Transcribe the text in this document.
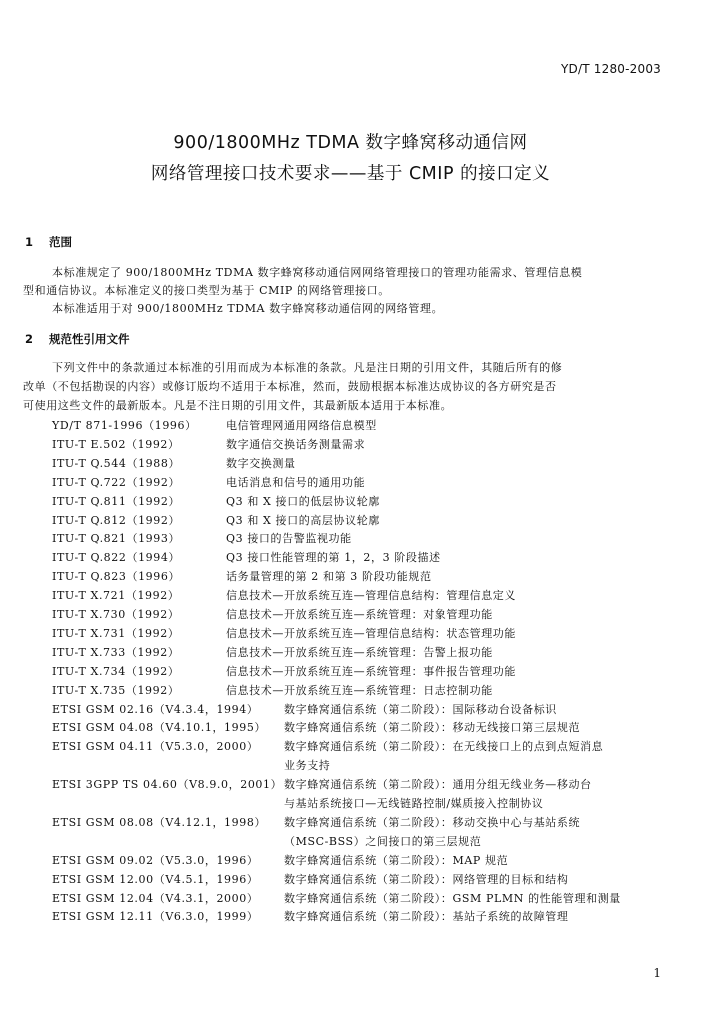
YD/T 1280-2003
900/1800MHz TDMA 数字蜂窝移动通信网
网络管理接口技术要求——基于 CMIP 的接口定义
1 范围
本标准规定了 900/1800MHz TDMA 数字蜂窝移动通信网网络管理接口的管理功能需求、管理信息模
型和通信协议。本标准定义的接口类型为基于 CMIP 的网络管理接口。
本标准适用于对 900/1800MHz TDMA 数字蜂窝移动通信网的网络管理。
2 规范性引用文件
下列文件中的条款通过本标准的引用而成为本标准的条款。凡是注日期的引用文件，其随后所有的修
改单（不包括勘误的内容）或修订版均不适用于本标准，然而，鼓励根据本标准达成协议的各方研究是否
可使用这些文件的最新版本。凡是不注日期的引用文件，其最新版本适用于本标准。
YD/T 871-1996（1996）	电信管理网通用网络信息模型
ITU-T E.502（1992）	数字通信交换话务测量需求
ITU-T Q.544（1988）	数字交换测量
ITU-T Q.722（1992）	电话消息和信号的通用功能
ITU-T Q.811（1992）	Q3 和 X 接口的低层协议轮廓
ITU-T Q.812（1992）	Q3 和 X 接口的高层协议轮廓
ITU-T Q.821（1993）	Q3 接口的告警监视功能
ITU-T Q.822（1994）	Q3 接口性能管理的第 1，2，3 阶段描述
ITU-T Q.823（1996）	话务量管理的第 2 和第 3 阶段功能规范
ITU-T X.721（1992）	信息技术—开放系统互连—管理信息结构：管理信息定义
ITU-T X.730（1992）	信息技术—开放系统互连—系统管理：对象管理功能
ITU-T X.731（1992）	信息技术—开放系统互连—管理信息结构：状态管理功能
ITU-T X.733（1992）	信息技术—开放系统互连—系统管理：告警上报功能
ITU-T X.734（1992）	信息技术—开放系统互连—系统管理：事件报告管理功能
ITU-T X.735（1992）	信息技术—开放系统互连—系统管理：日志控制功能
ETSI GSM 02.16（V4.3.4，1994） 数字蜂窝通信系统（第二阶段）：国际移动台设备标识
ETSI GSM 04.08（V4.10.1，1995） 数字蜂窝通信系统（第二阶段）：移动无线接口第三层规范
ETSI GSM 04.11（V5.3.0，2000） 数字蜂窝通信系统（第二阶段）：在无线接口上的点到点短消息
业务支持
ETSI 3GPP TS 04.60（V8.9.0，2001） 数字蜂窝通信系统（第二阶段）：通用分组无线业务—移动台
与基站系统接口—无线链路控制/媒质接入控制协议
ETSI GSM 08.08（V4.12.1，1998） 数字蜂窝通信系统（第二阶段）：移动交换中心与基站系统
（MSC-BSS）之间接口的第三层规范
ETSI GSM 09.02（V5.3.0，1996） 数字蜂窝通信系统（第二阶段）：MAP 规范
ETSI GSM 12.00（V4.5.1，1996） 数字蜂窝通信系统（第二阶段）：网络管理的目标和结构
ETSI GSM 12.04（V4.3.1，2000） 数字蜂窝通信系统（第二阶段）：GSM PLMN 的性能管理和测量
ETSI GSM 12.11（V6.3.0，1999） 数字蜂窝通信系统（第二阶段）：基站子系统的故障管理
1
